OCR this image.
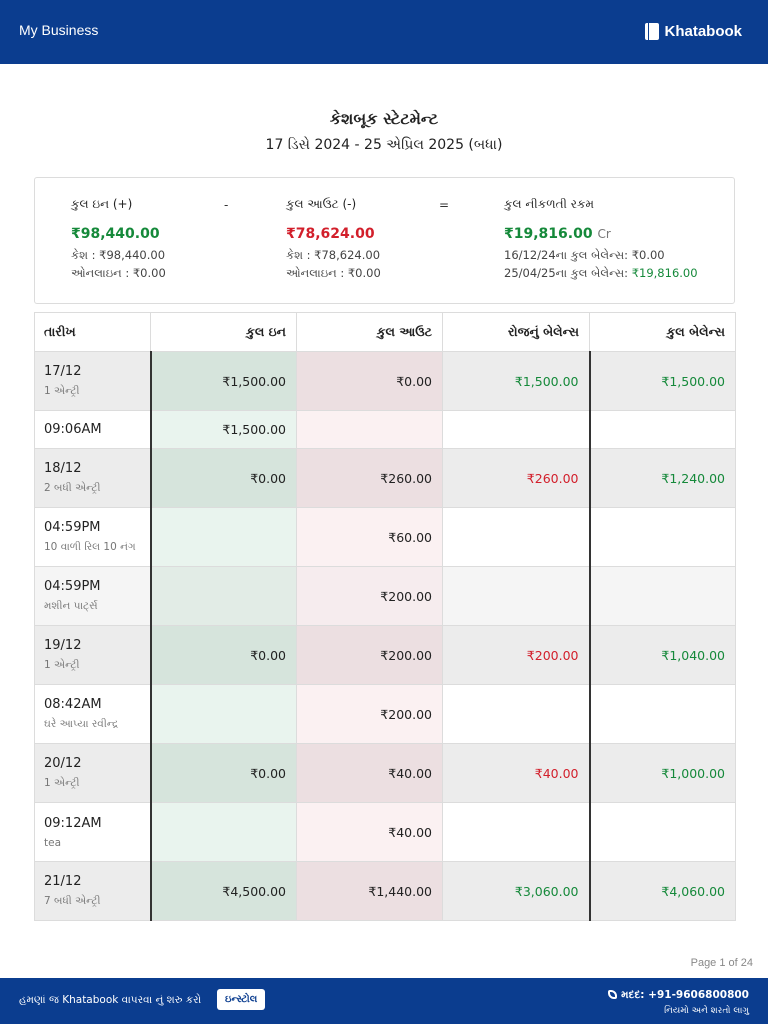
My Business	Khatabook
કેશબૂક સ્ટેટમેન્ટ
17 ડિસે 2024 - 25 એપ્રિલ 2025 (બધા)
કુલ ઇન (+)
₹98,440.00
કેશ : ₹98,440.00
ઓનલાઇન : ₹0.00
-	કુલ આઉટ (-)
₹78,624.00
કેશ : ₹78,624.00
ઓનલાઇન : ₹0.00
=	કુલ નીકળતી રકમ
₹19,816.00 Cr
16/12/24ના કુલ બેલેન્સ: ₹0.00
25/04/25ના કુલ બેલેન્સ: ₹19,816.00
તારીખ	કુલ ઇન	કુલ આઉટ	રોજનું બેલેન્સ	કુલ બેલેન્સ

17/12
1 એન્ટ્રી	₹1,500.00	₹0.00	₹1,500.00	₹1,500.00

09:06AM	₹1,500.00			

18/12
2 બધી એન્ટ્રી	₹0.00	₹260.00	₹260.00	₹1,240.00

04:59PM
10 વાળી રિલ 10 નંગ		₹60.00		

04:59PM
મશીન પાર્ટ્સ		₹200.00		

19/12
1 એન્ટ્રી	₹0.00	₹200.00	₹200.00	₹1,040.00

08:42AM
ઘરે આપ્યા રવીન્દ્ર		₹200.00		

20/12
1 એન્ટ્રી	₹0.00	₹40.00	₹40.00	₹1,000.00

09:12AM
tea		₹40.00		

21/12
7 બધી એન્ટ્રી	₹4,500.00	₹1,440.00	₹3,060.00	₹4,060.00
Page 1 of 24
હમણાં જ Khatabook વાપરવા નું શરુ કરો	ઇન્સ્ટોલ	મદદ: +91-9606800800
નિયમો અને શરતો લાગુ
